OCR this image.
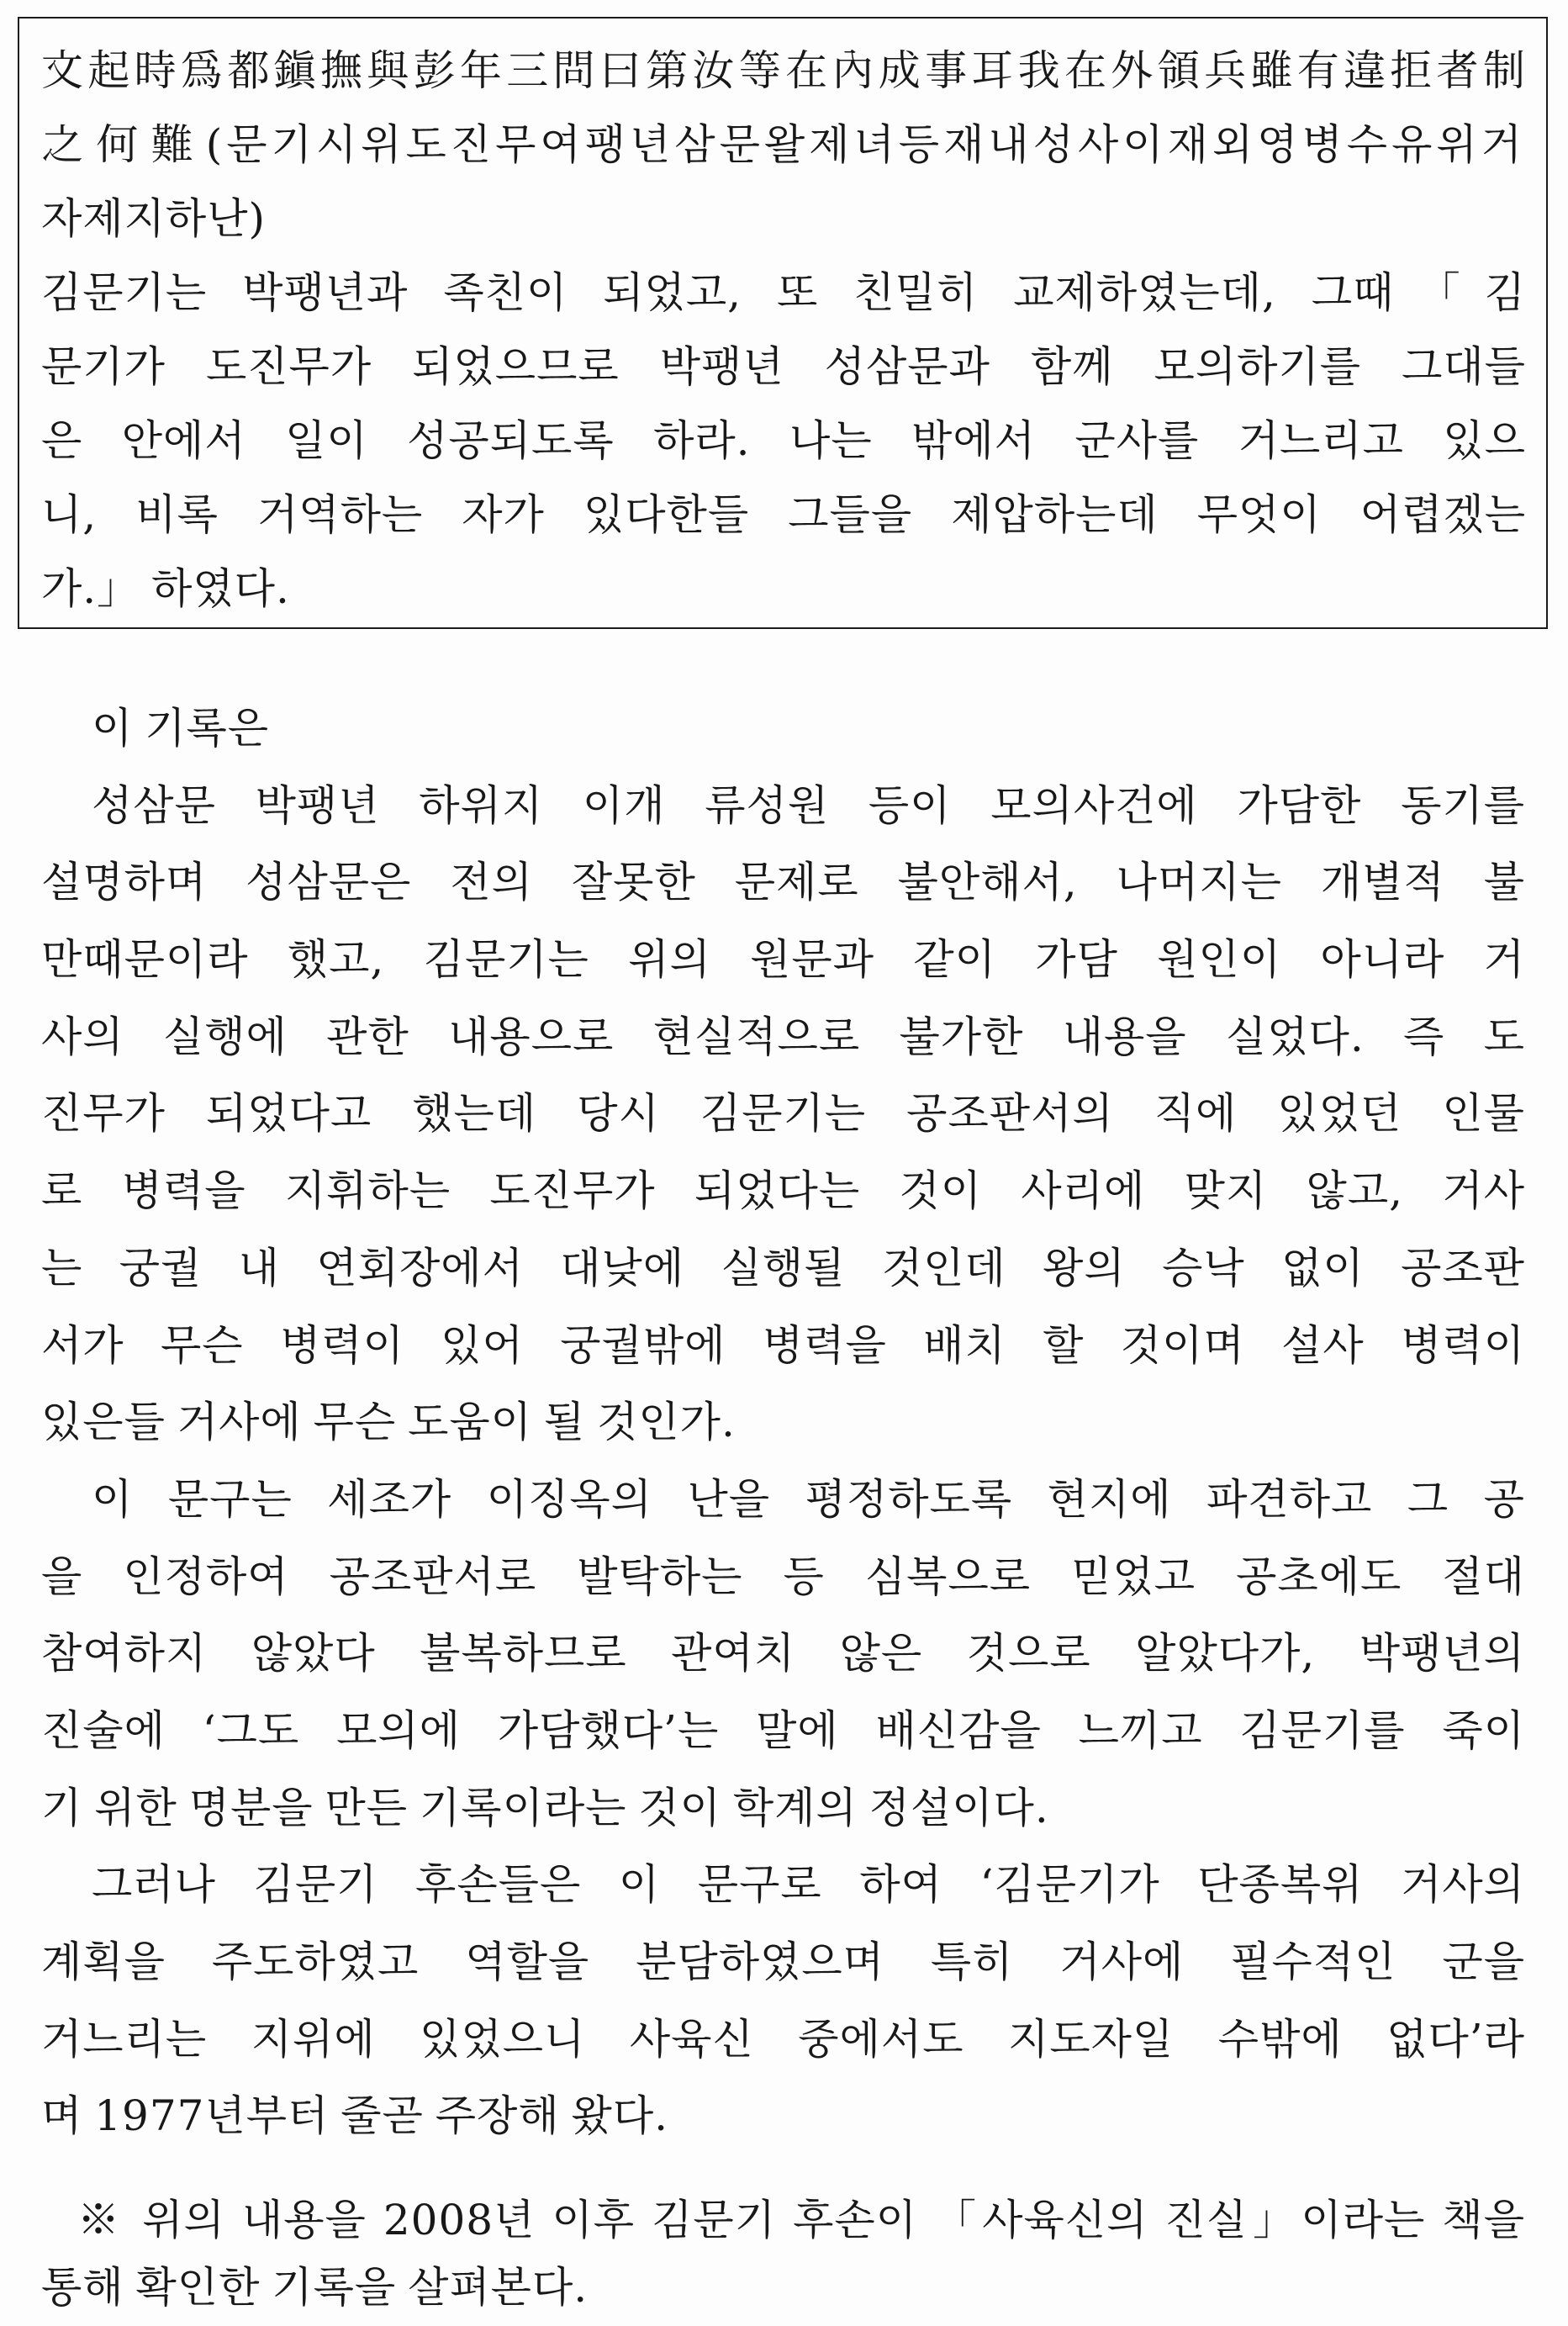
文起時爲都鎭撫與彭年三問曰第汝等在內成事耳我在外領兵雖有違拒者制
之何難(문기시위도진무여팽년삼문왈제녀등재내성사이재외영병수유위거
자제지하난)
김문기는 박팽년과 족친이 되었고, 또 친밀히 교제하였는데, 그때「김
문기가 도진무가 되었으므로 박팽년 성삼문과 함께 모의하기를 그대들
은 안에서 일이 성공되도록 하라. 나는 밖에서 군사를 거느리고 있으
니, 비록 거역하는 자가 있다한들 그들을 제압하는데 무엇이 어렵겠는
가.」 하였다.
이 기록은
성삼문 박팽년 하위지 이개 류성원 등이 모의사건에 가담한 동기를
설명하며 성삼문은 전의 잘못한 문제로 불안해서, 나머지는 개별적 불
만때문이라 했고, 김문기는 위의 원문과 같이 가담 원인이 아니라 거
사의 실행에 관한 내용으로 현실적으로 불가한 내용을 실었다. 즉 도
진무가 되었다고 했는데 당시 김문기는 공조판서의 직에 있었던 인물
로 병력을 지휘하는 도진무가 되었다는 것이 사리에 맞지 않고, 거사
는 궁궐 내 연회장에서 대낮에 실행될 것인데 왕의 승낙 없이 공조판
서가 무슨 병력이 있어 궁궐밖에 병력을 배치 할 것이며 설사 병력이
있은들 거사에 무슨 도움이 될 것인가.
이 문구는 세조가 이징옥의 난을 평정하도록 현지에 파견하고 그 공
을 인정하여 공조판서로 발탁하는 등 심복으로 믿었고 공초에도 절대
참여하지 않았다 불복하므로 관여치 않은 것으로 알았다가, 박팽년의
진술에 ‘그도 모의에 가담했다’는 말에 배신감을 느끼고 김문기를 죽이
기 위한 명분을 만든 기록이라는 것이 학계의 정설이다.
그러나 김문기 후손들은 이 문구로 하여 ‘김문기가 단종복위 거사의
계획을 주도하였고 역할을 분담하였으며 특히 거사에 필수적인 군을
거느리는 지위에 있었으니 사육신 중에서도 지도자일 수밖에 없다’라
며 1977년부터 줄곧 주장해 왔다.
※ 위의 내용을 2008년 이후 김문기 후손이 「사육신의 진실」이라는 책을
통해 확인한 기록을 살펴본다.
